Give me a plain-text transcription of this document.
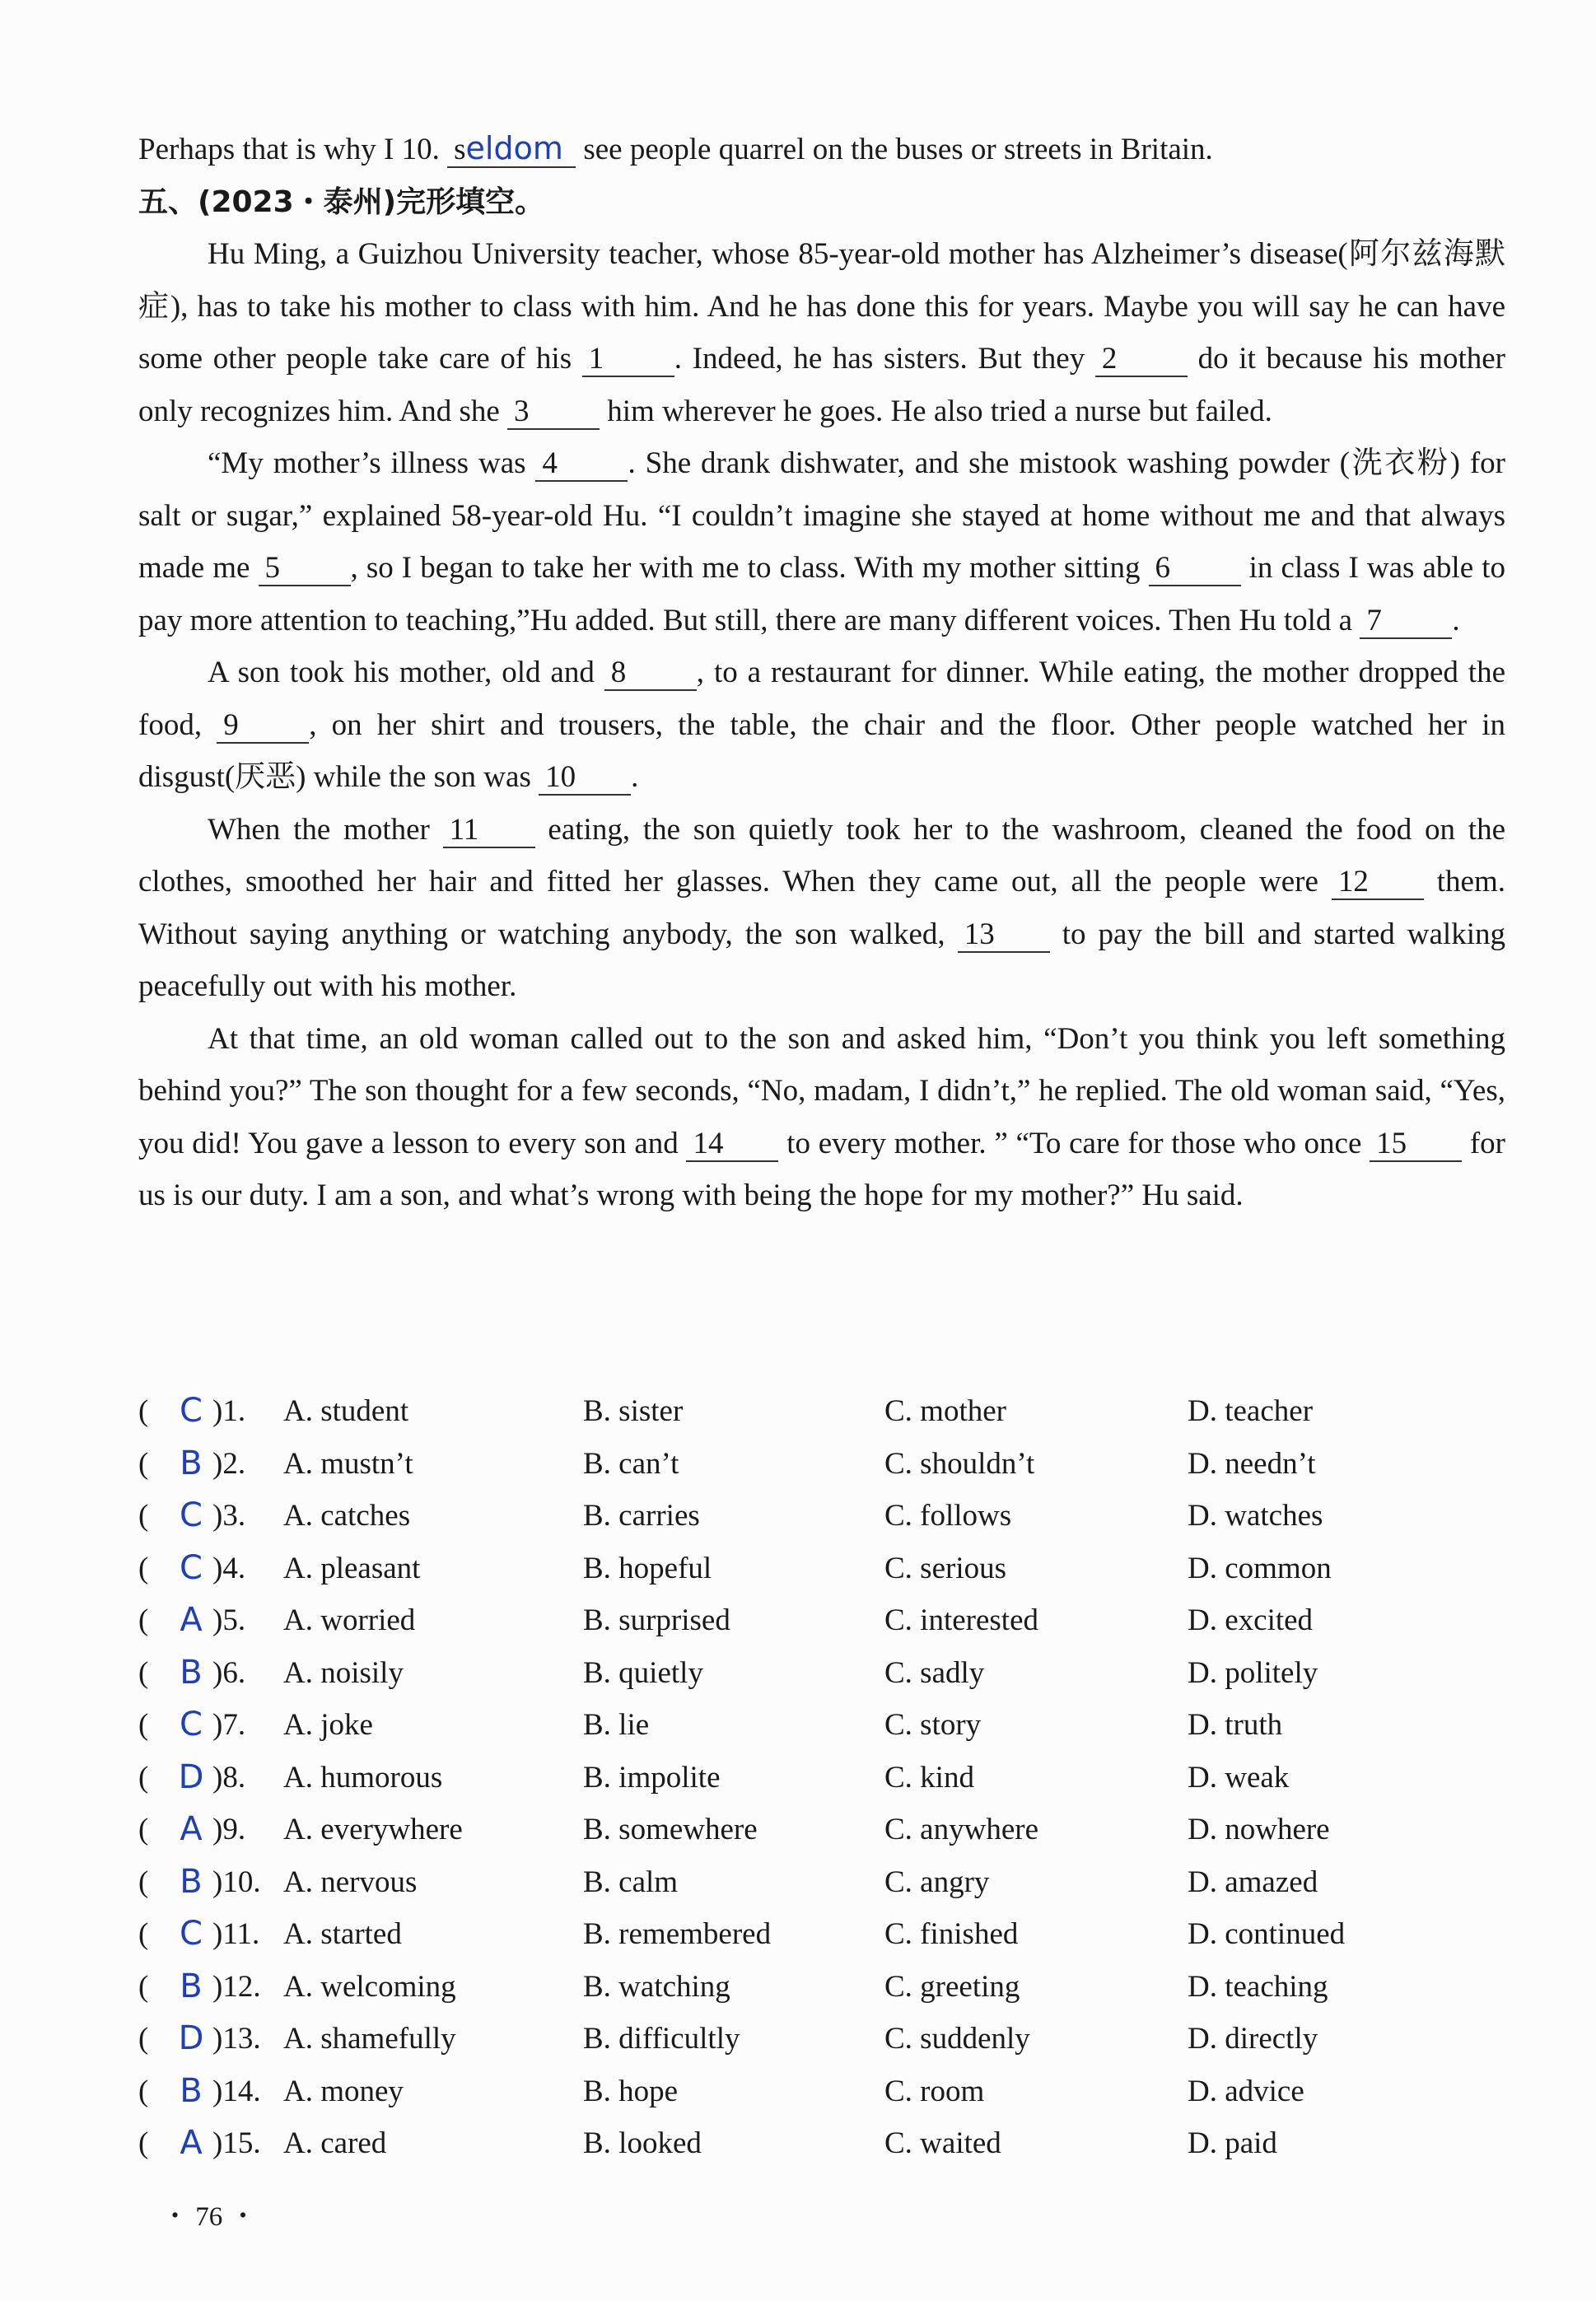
Perhaps that is why I 10. seldom see people quarrel on the buses or streets in Britain.

五、(2023・泰州)完形填空。

Hu Ming, a Guizhou University teacher, whose 85-year-old mother has Alzheimer’s disease(阿尔兹海默症), has to take his mother to class with him. And he has done this for years. Maybe you will say he can have some other people take care of his 1 . Indeed, he has sisters. But they 2 do it because his mother only recognizes him. And she 3 him wherever he goes. He also tried a nurse but failed.

“My mother’s illness was 4 . She drank dishwater, and she mistook washing powder (洗衣粉) for salt or sugar,” explained 58-year-old Hu. “I couldn’t imagine she stayed at home without me and that always made me 5 , so I began to take her with me to class. With my mother sitting 6 in class I was able to pay more attention to teaching,”Hu added. But still, there are many different voices. Then Hu told a 7 .

A son took his mother, old and 8 , to a restaurant for dinner. While eating, the mother dropped the food, 9 , on her shirt and trousers, the table, the chair and the floor. Other people watched her in disgust(厌恶) while the son was 10 .

When the mother 11 eating, the son quietly took her to the washroom, cleaned the food on the clothes, smoothed her hair and fitted her glasses. When they came out, all the people were 12 them. Without saying anything or watching anybody, the son walked, 13 to pay the bill and started walking peacefully out with his mother.

At that time, an old woman called out to the son and asked him, “Don’t you think you left something behind you?” The son thought for a few seconds, “No, madam, I didn’t,” he replied. The old woman said, “Yes, you did! You gave a lesson to every son and 14 to every mother. ” “To care for those who once 15 for us is our duty. I am a son, and what’s wrong with being the hope for my mother?” Hu said.

( C )1. A. student	B. sister	C. mother	D. teacher
( B )2. A. mustn’t	B. can’t	C. shouldn’t	D. needn’t
( C )3. A. catches	B. carries	C. follows	D. watches
( C )4. A. pleasant	B. hopeful	C. serious	D. common
( A )5. A. worried	B. surprised	C. interested	D. excited
( B )6. A. noisily	B. quietly	C. sadly	D. politely
( C )7. A. joke	B. lie	C. story	D. truth
( D )8. A. humorous	B. impolite	C. kind	D. weak
( A )9. A. everywhere	B. somewhere	C. anywhere	D. nowhere
( B )10. A. nervous	B. calm	C. angry	D. amazed
( C )11. A. started	B. remembered	C. finished	D. continued
( B )12. A. welcoming	B. watching	C. greeting	D. teaching
( D )13. A. shamefully	B. difficultly	C. suddenly	D. directly
( B )14. A. money	B. hope	C. room	D. advice
( A )15. A. cared	B. looked	C. waited	D. paid
・ 76 ・
